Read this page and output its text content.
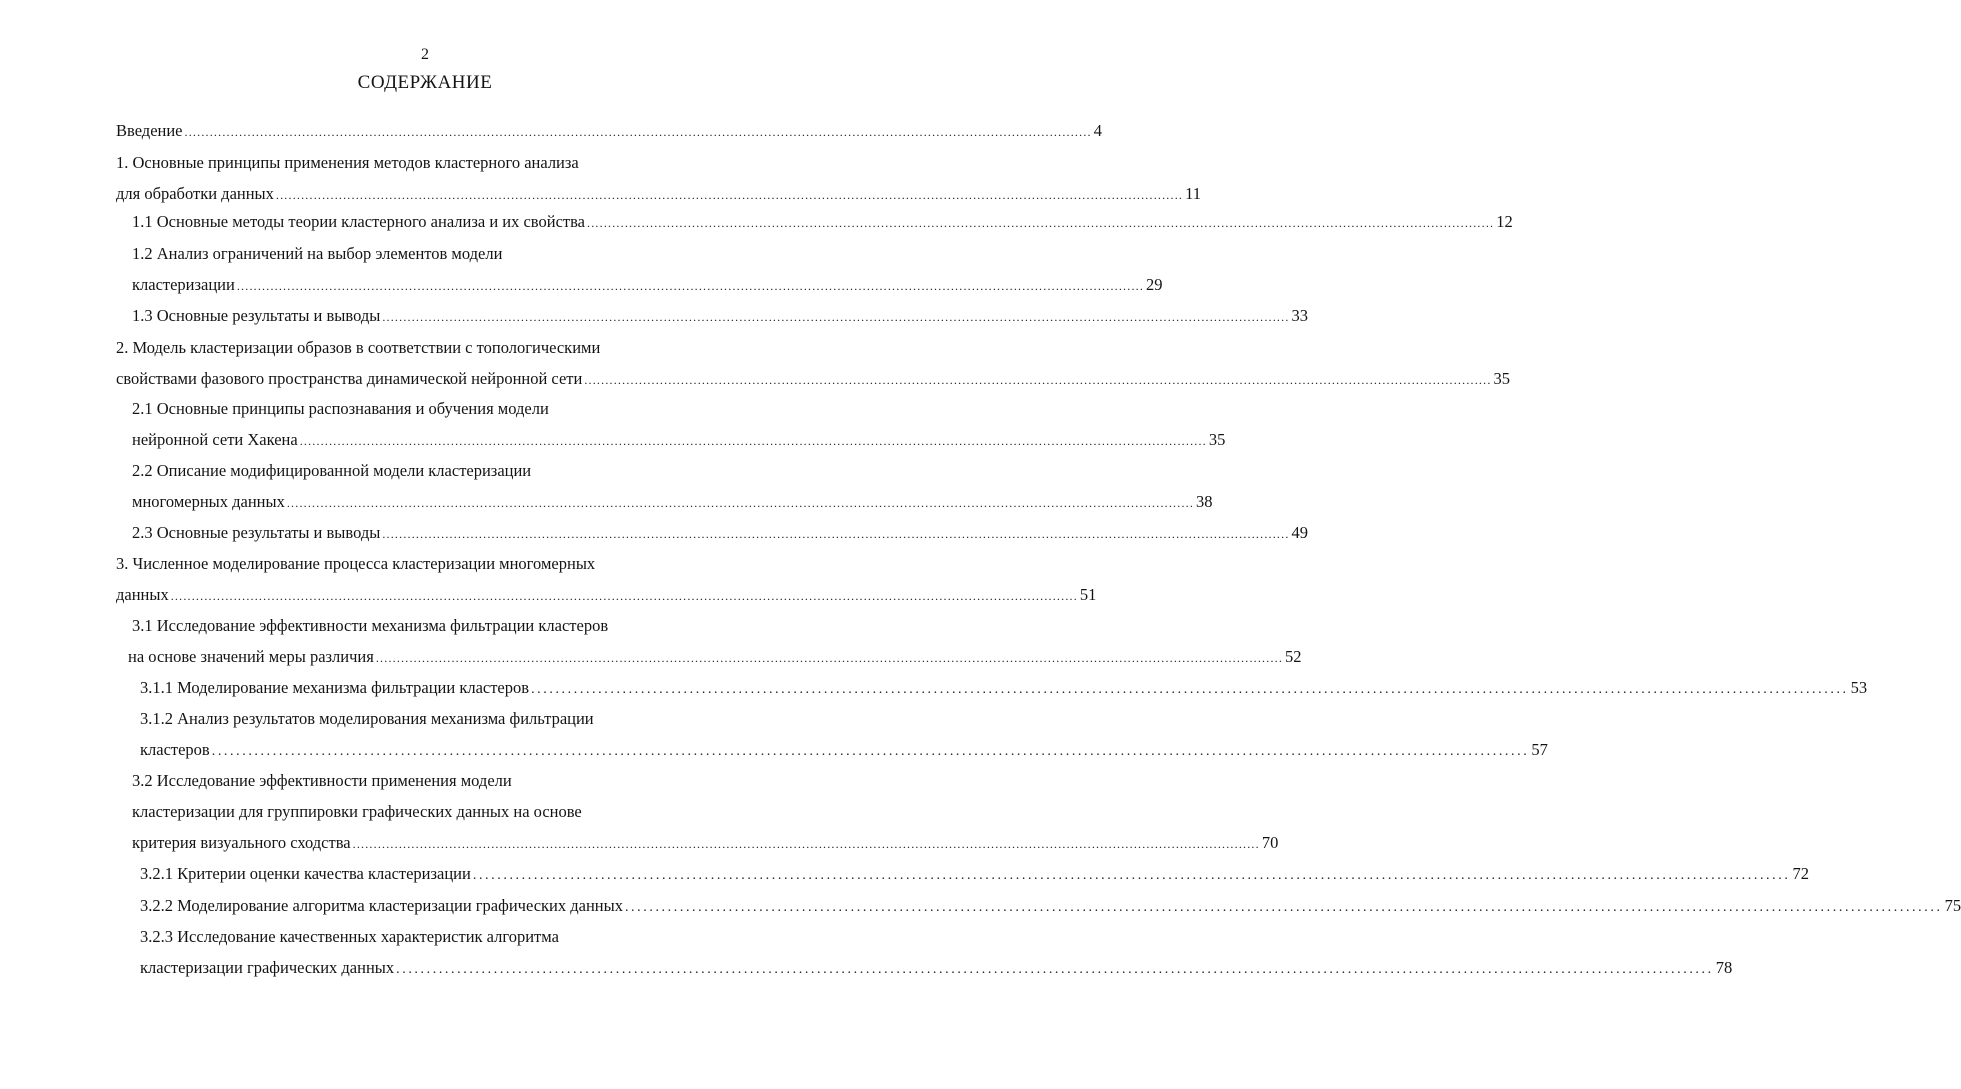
2
СОДЕРЖАНИЕ
Введение ........................................................................................................................................................................................................................ 4
1. Основные принципы применения методов кластерного анализа
для обработки данных ........................................................................................................................................................................................................................ 11
1.1 Основные методы теории кластерного анализа и их свойства ........................................................................................................................................................................................................................ 12
1.2 Анализ ограничений на выбор элементов модели
кластеризации ........................................................................................................................................................................................................................ 29
1.3 Основные результаты и выводы ........................................................................................................................................................................................................................ 33
2. Модель кластеризации образов в соответствии с топологическими
свойствами фазового пространства динамической нейронной сети ........................................................................................................................................................................................................................ 35
2.1 Основные принципы распознавания и обучения модели
нейронной сети Хакена ........................................................................................................................................................................................................................ 35
2.2 Описание модифицированной модели кластеризации
многомерных данных ........................................................................................................................................................................................................................ 38
2.3 Основные результаты и выводы ........................................................................................................................................................................................................................ 49
3. Численное моделирование процесса кластеризации многомерных
данных ........................................................................................................................................................................................................................ 51
3.1 Исследование эффективности механизма фильтрации кластеров
на основе значений меры различия ........................................................................................................................................................................................................................ 52
3.1.1 Моделирование механизма фильтрации кластеров ........................................................................................................................................................................................................................ 53
3.1.2 Анализ результатов моделирования механизма фильтрации
кластеров ........................................................................................................................................................................................................................ 57
3.2 Исследование эффективности применения модели
кластеризации для группировки графических данных на основе
критерия визуального сходства ........................................................................................................................................................................................................................ 70
3.2.1 Критерии оценки качества кластеризации ........................................................................................................................................................................................................................ 72
3.2.2 Моделирование алгоритма кластеризации графических данных ........................................................................................................................................................................................................................ 75
3.2.3 Исследование качественных характеристик алгоритма
кластеризации графических данных ........................................................................................................................................................................................................................ 78
